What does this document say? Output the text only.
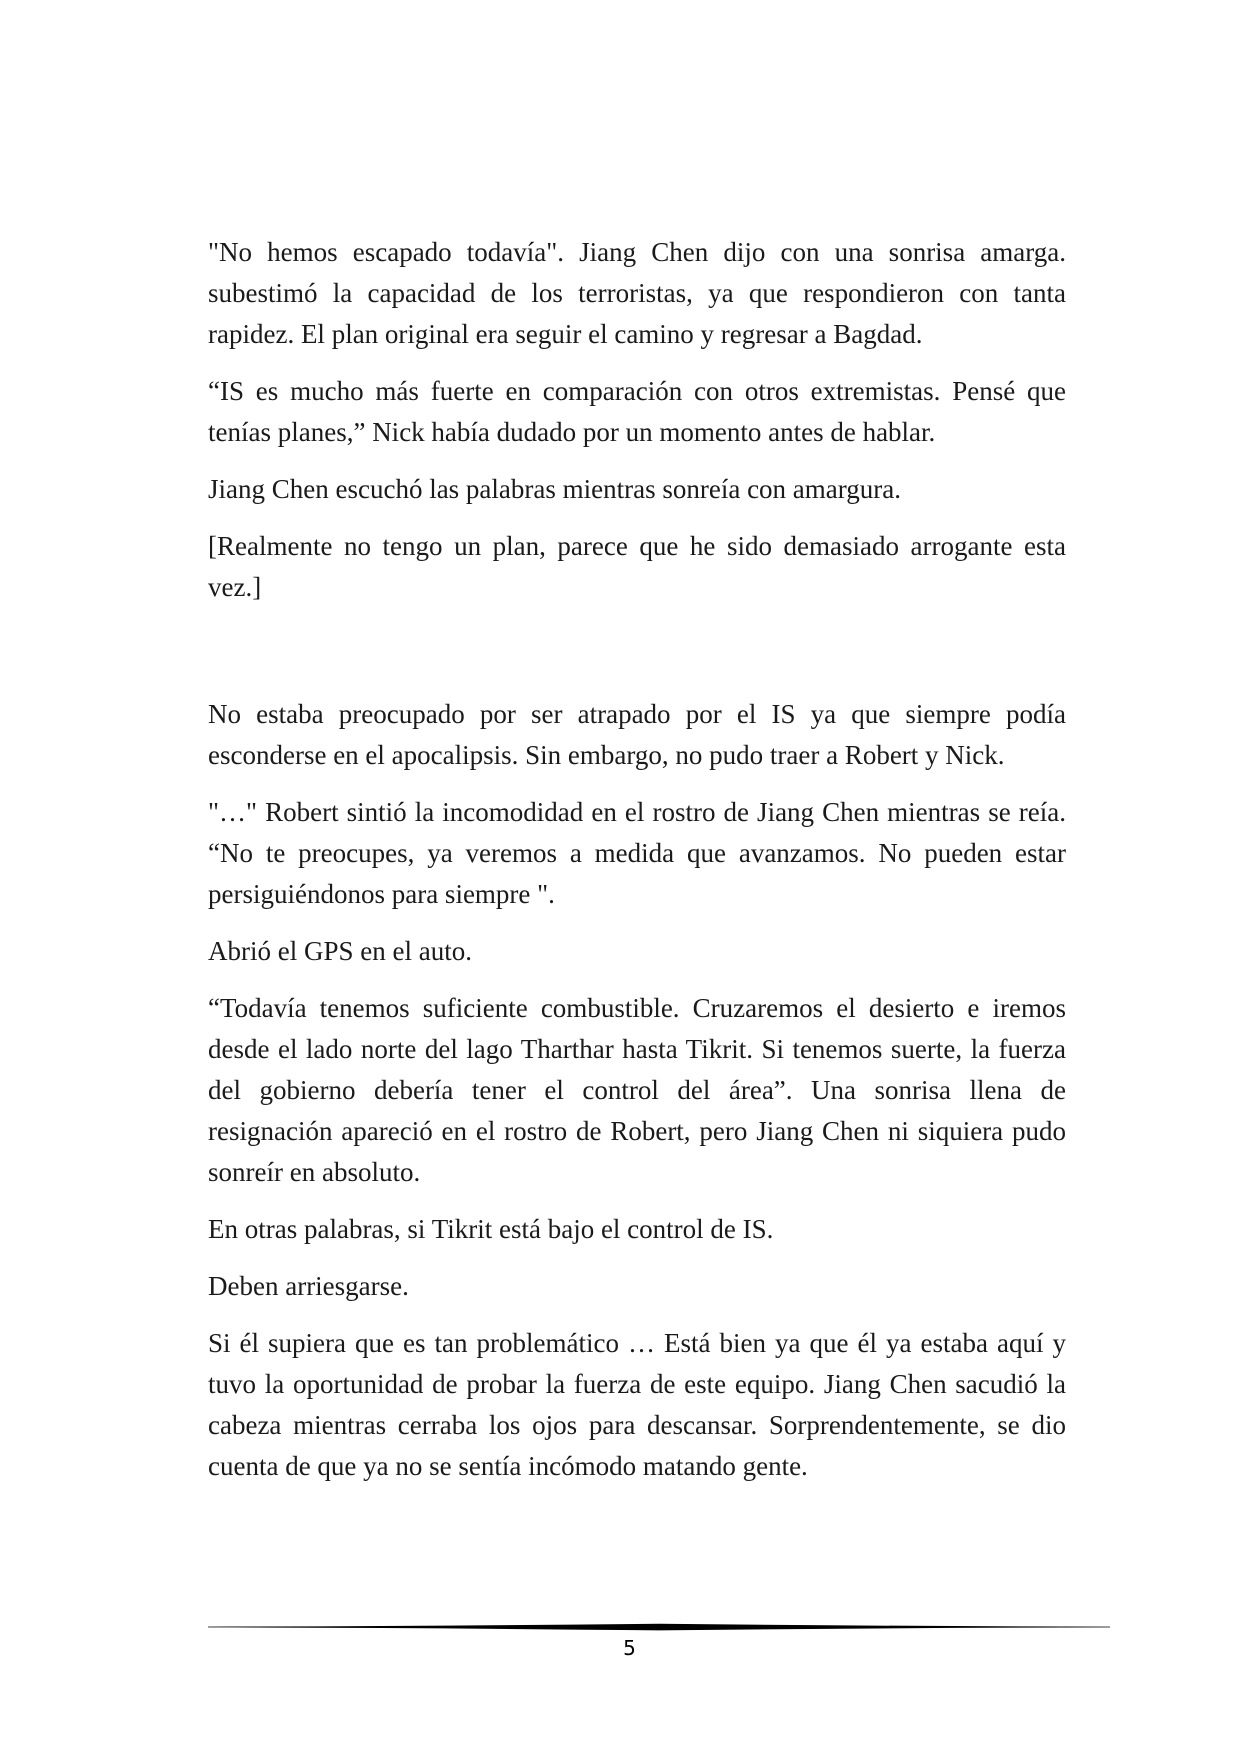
"No hemos escapado todavía". Jiang Chen dijo con una sonrisa amarga. subestimó la capacidad de los terroristas, ya que respondieron con tanta rapidez. El plan original era seguir el camino y regresar a Bagdad.

“IS es mucho más fuerte en comparación con otros extremistas. Pensé que tenías planes,” Nick había dudado por un momento antes de hablar.

Jiang Chen escuchó las palabras mientras sonreía con amargura.

[Realmente no tengo un plan, parece que he sido demasiado arrogante esta vez.]

No estaba preocupado por ser atrapado por el IS ya que siempre podía esconderse en el apocalipsis. Sin embargo, no pudo traer a Robert y Nick.

"…" Robert sintió la incomodidad en el rostro de Jiang Chen mientras se reía. “No te preocupes, ya veremos a medida que avanzamos. No pueden estar persiguiéndonos para siempre ".

Abrió el GPS en el auto.

“Todavía tenemos suficiente combustible. Cruzaremos el desierto e iremos desde el lado norte del lago Tharthar hasta Tikrit. Si tenemos suerte, la fuerza del gobierno debería tener el control del área”. Una sonrisa llena de resignación apareció en el rostro de Robert, pero Jiang Chen ni siquiera pudo sonreír en absoluto.

En otras palabras, si Tikrit está bajo el control de IS.

Deben arriesgarse.

Si él supiera que es tan problemático … Está bien ya que él ya estaba aquí y tuvo la oportunidad de probar la fuerza de este equipo. Jiang Chen sacudió la cabeza mientras cerraba los ojos para descansar. Sorprendentemente, se dio cuenta de que ya no se sentía incómodo matando gente.

5
